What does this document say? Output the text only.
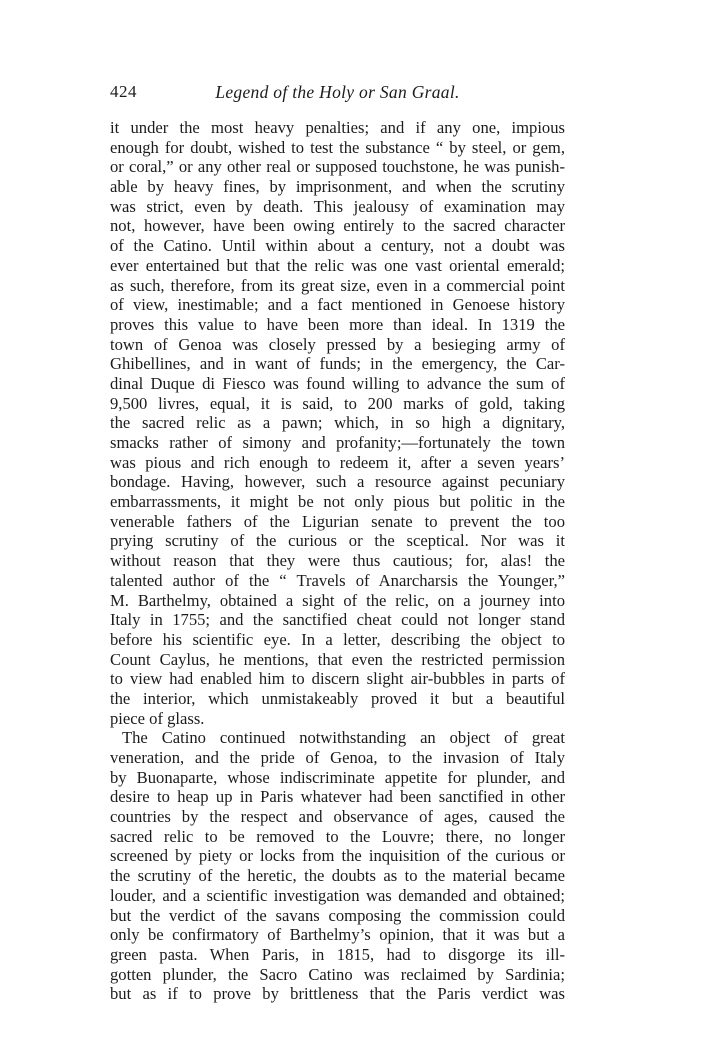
424	Legend of the Holy or San Graal.
it under the most heavy penalties; and if any one, impious
enough for doubt, wished to test the substance “ by steel, or gem,
or coral,” or any other real or supposed touchstone, he was punish-
able by heavy fines, by imprisonment, and when the scrutiny
was strict, even by death. This jealousy of examination may
not, however, have been owing entirely to the sacred character
of the Catino. Until within about a century, not a doubt was
ever entertained but that the relic was one vast oriental emerald;
as such, therefore, from its great size, even in a commercial point
of view, inestimable; and a fact mentioned in Genoese history
proves this value to have been more than ideal. In 1319 the
town of Genoa was closely pressed by a besieging army of
Ghibellines, and in want of funds; in the emergency, the Car-
dinal Duque di Fiesco was found willing to advance the sum of
9,500 livres, equal, it is said, to 200 marks of gold, taking
the sacred relic as a pawn; which, in so high a dignitary,
smacks rather of simony and profanity;—fortunately the town
was pious and rich enough to redeem it, after a seven years’
bondage. Having, however, such a resource against pecuniary
embarrassments, it might be not only pious but politic in the
venerable fathers of the Ligurian senate to prevent the too
prying scrutiny of the curious or the sceptical. Nor was it
without reason that they were thus cautious; for, alas! the
talented author of the “ Travels of Anarcharsis the Younger,”
M. Barthelmy, obtained a sight of the relic, on a journey into
Italy in 1755; and the sanctified cheat could not longer stand
before his scientific eye. In a letter, describing the object to
Count Caylus, he mentions, that even the restricted permission
to view had enabled him to discern slight air-bubbles in parts of
the interior, which unmistakeably proved it but a beautiful
piece of glass.
The Catino continued notwithstanding an object of great
veneration, and the pride of Genoa, to the invasion of Italy
by Buonaparte, whose indiscriminate appetite for plunder, and
desire to heap up in Paris whatever had been sanctified in other
countries by the respect and observance of ages, caused the
sacred relic to be removed to the Louvre; there, no longer
screened by piety or locks from the inquisition of the curious or
the scrutiny of the heretic, the doubts as to the material became
louder, and a scientific investigation was demanded and obtained;
but the verdict of the savans composing the commission could
only be confirmatory of Barthelmy’s opinion, that it was but a
green pasta. When Paris, in 1815, had to disgorge its ill-
gotten plunder, the Sacro Catino was reclaimed by Sardinia;
but as if to prove by brittleness that the Paris verdict was
